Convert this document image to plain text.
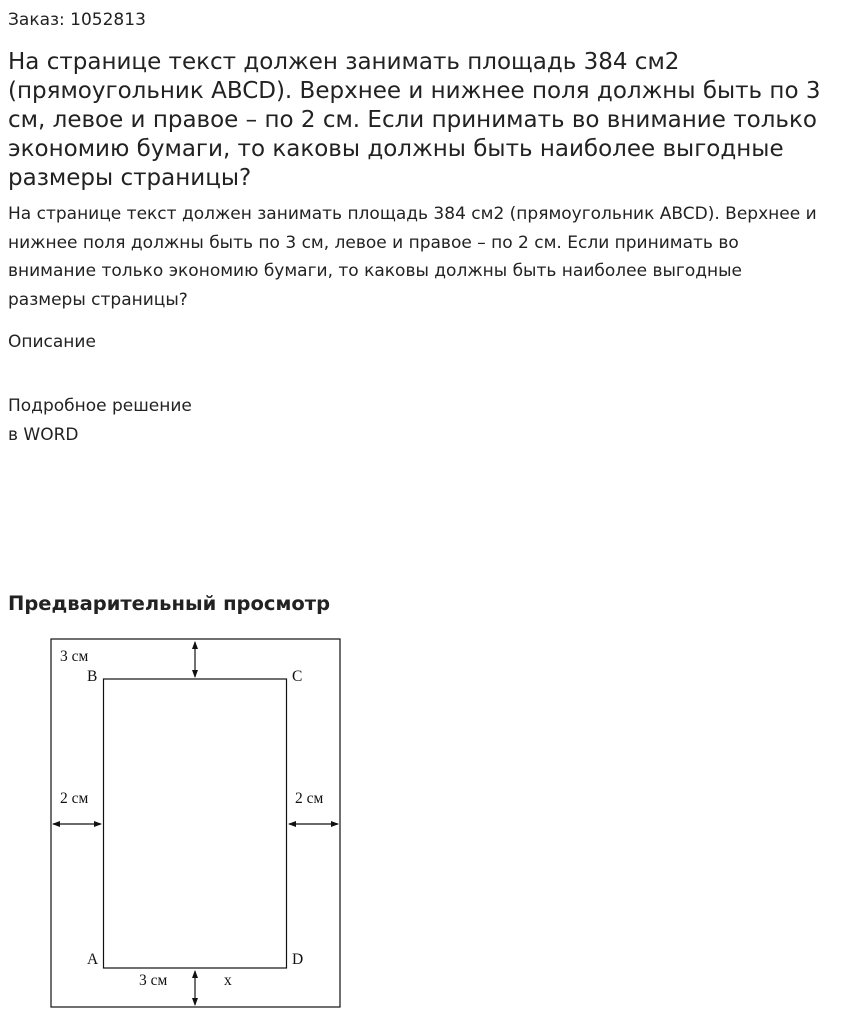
Заказ: 1052813
На странице текст должен занимать площадь 384 см2 (прямоугольник ABCD). Верхнее и нижнее поля должны быть по 3 см, левое и правое – по 2 см. Если принимать во внимание только экономию бумаги, то каковы должны быть наиболее выгодные размеры страницы?

На странице текст должен занимать площадь 384 см2 (прямоугольник ABCD). Верхнее и нижнее поля должны быть по 3 см, левое и правое – по 2 см. Если принимать во внимание только экономию бумаги, то каковы должны быть наиболее выгодные размеры страницы?

Описание
Подробное решение
в WORD
Предварительный просмотр
3 см
3 см
2 см	2 см
B	C
A	D
x
